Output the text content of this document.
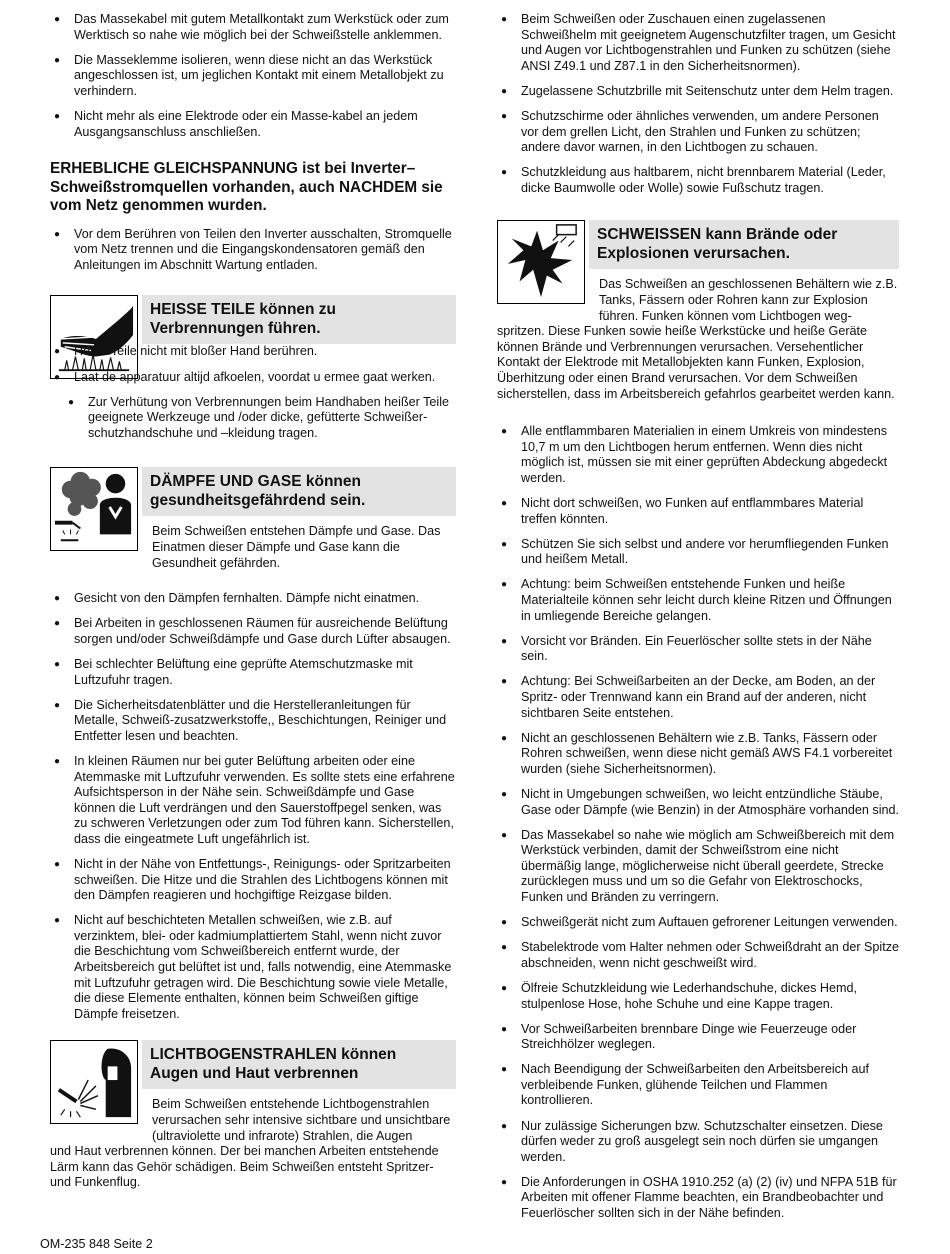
● Das Massekabel mit gutem Metallkontakt zum Werkstück oder zum Werktisch so nahe wie möglich bei der Schweißstelle anklemmen.
● Die Masseklemme isolieren, wenn diese nicht an das Werkstück angeschlossen ist, um jeglichen Kontakt mit einem Metallobjekt zu verhindern.
● Nicht mehr als eine Elektrode oder ein Masse-kabel an jedem Ausgangsanschluss anschließen.
ERHEBLICHE GLEICHSPANNUNG ist bei Inverter–Schweißstromquellen vorhanden, auch NACHDEM sie vom Netz genommen wurden.
● Vor dem Berühren von Teilen den Inverter ausschalten, Stromquelle vom Netz trennen und die Eingangskondensatoren gemäß den Anleitungen im Abschnitt Wartung entladen.
HEISSE TEILE können zu Verbrennungen führen.
● Heiße Teile nicht mit bloßer Hand berühren.
● Laat de apparatuur altijd afkoelen, voordat u ermee gaat werken.
● Zur Verhütung von Verbrennungen beim Handhaben heißer Teile geeignete Werkzeuge und /oder dicke, gefütterte Schweißer-schutzhandschuhe und –kleidung tragen.
DÄMPFE UND GASE können gesundheitsgefährdend sein.

Beim Schweißen entstehen Dämpfe und Gase. Das Einatmen dieser Dämpfe und Gase kann die Gesundheit gefährden.

● Gesicht von den Dämpfen fernhalten. Dämpfe nicht einatmen.
● Bei Arbeiten in geschlossenen Räumen für ausreichende Belüftung sorgen und/oder Schweißdämpfe und Gase durch Lüfter absaugen.
● Bei schlechter Belüftung eine geprüfte Atemschutzmaske mit Luftzufuhr tragen.
● Die Sicherheitsdatenblätter und die Herstelleranleitungen für Metalle, Schweiß-zusatzwerkstoffe,, Beschichtungen, Reiniger und Entfetter lesen und beachten.
● In kleinen Räumen nur bei guter Belüftung arbeiten oder eine Atemmaske mit Luftzufuhr verwenden. Es sollte stets eine erfahrene Aufsichtsperson in der Nähe sein. Schweißdämpfe und Gase können die Luft verdrängen und den Sauerstoffpegel senken, was zu schweren Verletzungen oder zum Tod führen kann. Sicherstellen, dass die eingeatmete Luft ungefährlich ist.
● Nicht in der Nähe von Entfettungs-, Reinigungs- oder Spritzarbeiten schweißen. Die Hitze und die Strahlen des Lichtbogens können mit den Dämpfen reagieren und hochgiftige Reizgase bilden.
● Nicht auf beschichteten Metallen schweißen, wie z.B. auf verzinktem, blei- oder kadmiumplattiertem Stahl, wenn nicht zuvor die Beschichtung vom Schweißbereich entfernt wurde, der Arbeitsbereich gut belüftet ist und, falls notwendig, eine Atemmaske mit Luftzufuhr getragen wird. Die Beschichtung sowie viele Metalle, die diese Elemente enthalten, können beim Schweißen giftige Dämpfe freisetzen.
LICHTBOGENSTRAHLEN können Augen und Haut verbrennen

Beim Schweißen entstehende Lichtbogenstrahlen verursachen sehr intensive sichtbare und unsichtbare (ultraviolette und infrarote) Strahlen, die Augen

und Haut verbrennen können. Der bei manchen Arbeiten entstehende Lärm kann das Gehör schädigen. Beim Schweißen entsteht Spritzer- und Funkenflug.

● Beim Schweißen oder Zuschauen einen zugelassenen Schweißhelm mit geeignetem Augenschutzfilter tragen, um Gesicht und Augen vor Lichtbogenstrahlen und Funken zu schützen (siehe ANSI Z49.1 und Z87.1 in den Sicherheitsnormen).
● Zugelassene Schutzbrille mit Seitenschutz unter dem Helm tragen.
● Schutzschirme oder ähnliches verwenden, um andere Personen vor dem grellen Licht, den Strahlen und Funken zu schützen; andere davor warnen, in den Lichtbogen zu schauen.
● Schutzkleidung aus haltbarem, nicht brennbarem Material (Leder, dicke Baumwolle oder Wolle) sowie Fußschutz tragen.
SCHWEISSEN kann Brände oder Explosionen verursachen.

Das Schweißen an geschlossenen Behältern wie z.B. Tanks, Fässern oder Rohren kann zur Explosion führen. Funken können vom Lichtbogen weg-

spritzen. Diese Funken sowie heiße Werkstücke und heiße Geräte können Brände und Verbrennungen verursachen. Versehentlicher Kontakt der Elektrode mit Metallobjekten kann Funken, Explosion, Überhitzung oder einen Brand verursachen. Vor dem Schweißen sicherstellen, dass im Arbeitsbereich gefahrlos gearbeitet werden kann.

● Alle entflammbaren Materialien in einem Umkreis von mindestens 10,7 m um den Lichtbogen herum entfernen. Wenn dies nicht möglich ist, müssen sie mit einer geprüften Abdeckung abgedeckt werden.
● Nicht dort schweißen, wo Funken auf entflammbares Material treffen könnten.
● Schützen Sie sich selbst und andere vor herumfliegenden Funken und heißem Metall.
● Achtung: beim Schweißen entstehende Funken und heiße Materialteile können sehr leicht durch kleine Ritzen und Öffnungen in umliegende Bereiche gelangen.
● Vorsicht vor Bränden. Ein Feuerlöscher sollte stets in der Nähe sein.
● Achtung: Bei Schweißarbeiten an der Decke, am Boden, an der Spritz- oder Trennwand kann ein Brand auf der anderen, nicht sichtbaren Seite entstehen.
● Nicht an geschlossenen Behältern wie z.B. Tanks, Fässern oder Rohren schweißen, wenn diese nicht gemäß AWS F4.1 vorbereitet wurden (siehe Sicherheitsnormen).
● Nicht in Umgebungen schweißen, wo leicht entzündliche Stäube, Gase oder Dämpfe (wie Benzin) in der Atmosphäre vorhanden sind.
● Das Massekabel so nahe wie möglich am Schweißbereich mit dem Werkstück verbinden, damit der Schweißstrom eine nicht übermäßig lange, möglicherweise nicht überall geerdete, Strecke zurücklegen muss und um so die Gefahr von Elektroschocks, Funken und Bränden zu verringern.
● Schweißgerät nicht zum Auftauen gefrorener Leitungen verwenden.
● Stabelektrode vom Halter nehmen oder Schweißdraht an der Spitze abschneiden, wenn nicht geschweißt wird.
● Ölfreie Schutzkleidung wie Lederhandschuhe, dickes Hemd, stulpenlose Hose, hohe Schuhe und eine Kappe tragen.
● Vor Schweißarbeiten brennbare Dinge wie Feuerzeuge oder Streichhölzer weglegen.
● Nach Beendigung der Schweißarbeiten den Arbeitsbereich auf verbleibende Funken, glühende Teilchen und Flammen kontrollieren.
● Nur zulässige Sicherungen bzw. Schutzschalter einsetzen. Diese dürfen weder zu groß ausgelegt sein noch dürfen sie umgangen werden.
● Die Anforderungen in OSHA 1910.252 (a) (2) (iv) und NFPA 51B für Arbeiten mit offener Flamme beachten, ein Brandbeobachter und Feuerlöscher sollten sich in der Nähe befinden.
OM-235 848 Seite 2
